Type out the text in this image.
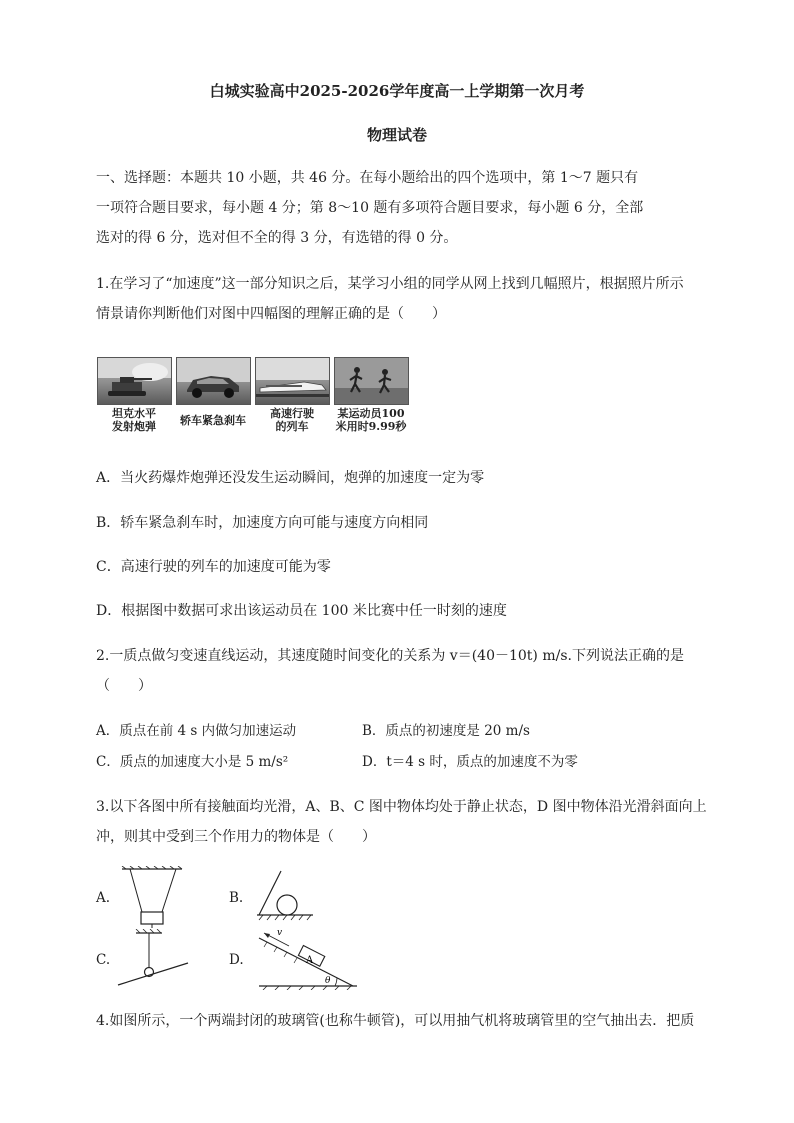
白城实验高中2025-2026学年度高一上学期第一次月考
物理试卷
一、选择题：本题共 10 小题，共 46 分。在每小题给出的四个选项中，第 1～7 题只有
一项符合题目要求，每小题 4 分；第 8～10 题有多项符合题目要求，每小题 6 分，全部
选对的得 6 分，选对但不全的得 3 分，有选错的得 0 分。
1.在学习了“加速度”这一部分知识之后，某学习小组的同学从网上找到几幅照片，根据照片所示
情景请你判断他们对图中四幅图的理解正确的是（　　）
坦克水平
发射炮弹	轿车紧急刹车
高速行驶
的列车
某运动员100
米用时9.99秒
A．当火药爆炸炮弹还没发生运动瞬间，炮弹的加速度一定为零
B．轿车紧急刹车时，加速度方向可能与速度方向相同
C．高速行驶的列车的加速度可能为零
D．根据图中数据可求出该运动员在 100 米比赛中任一时刻的速度
2.一质点做匀变速直线运动，其速度随时间变化的关系为 v＝(40－10t) m/s.下列说法正确的是
（　　）
A．质点在前 4 s 内做匀加速运动	B．质点的初速度是 20 m/s
C．质点的加速度大小是 5 m/s²	D．t＝4 s 时，质点的加速度不为零
3.以下各图中所有接触面均光滑，A、B、C 图中物体均处于静止状态，D 图中物体沿光滑斜面向上
冲，则其中受到三个作用力的物体是（　　）
A.	B.
C.	D.	A
v
θ
4.如图所示，一个两端封闭的玻璃管(也称牛顿管)，可以用抽气机将玻璃管里的空气抽出去．把质
